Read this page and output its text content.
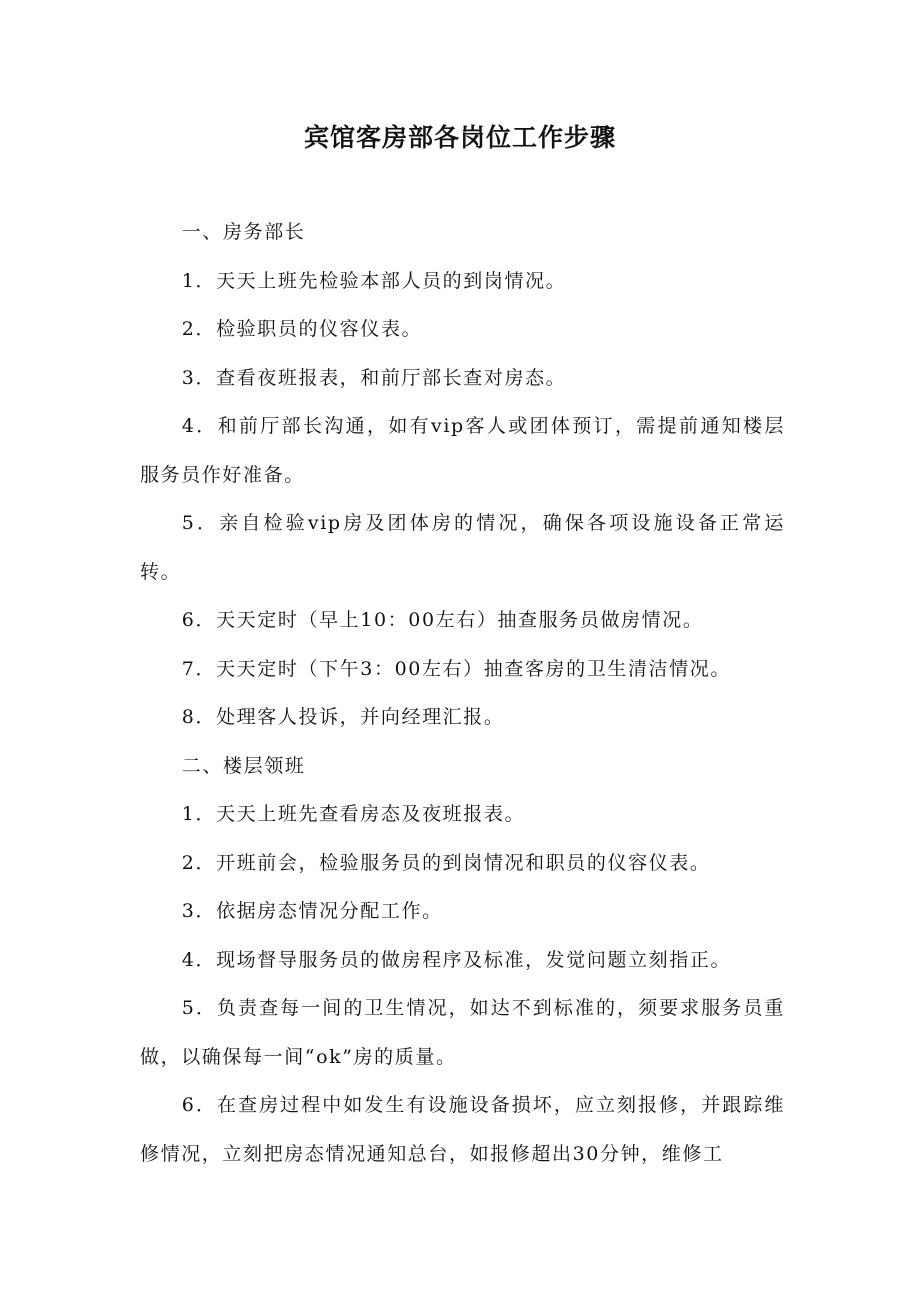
宾馆客房部各岗位工作步骤

一、房务部长

1．天天上班先检验本部人员的到岗情况。

2．检验职员的仪容仪表。

3．查看夜班报表，和前厅部长查对房态。

4．和前厅部长沟通，如有vip客人或团体预订，需提前通知楼层服务员作好准备。

5．亲自检验vip房及团体房的情况，确保各项设施设备正常运转。

6．天天定时（早上10：00左右）抽查服务员做房情况。

7．天天定时（下午3：00左右）抽查客房的卫生清洁情况。

8．处理客人投诉，并向经理汇报。

二、楼层领班

1．天天上班先查看房态及夜班报表。

2．开班前会，检验服务员的到岗情况和职员的仪容仪表。

3．依据房态情况分配工作。

4．现场督导服务员的做房程序及标准，发觉问题立刻指正。

5．负责查每一间的卫生情况，如达不到标准的，须要求服务员重做，以确保每一间“ok”房的质量。

6．在查房过程中如发生有设施设备损坏，应立刻报修，并跟踪维修情况，立刻把房态情况通知总台，如报修超出30分钟，维修工
